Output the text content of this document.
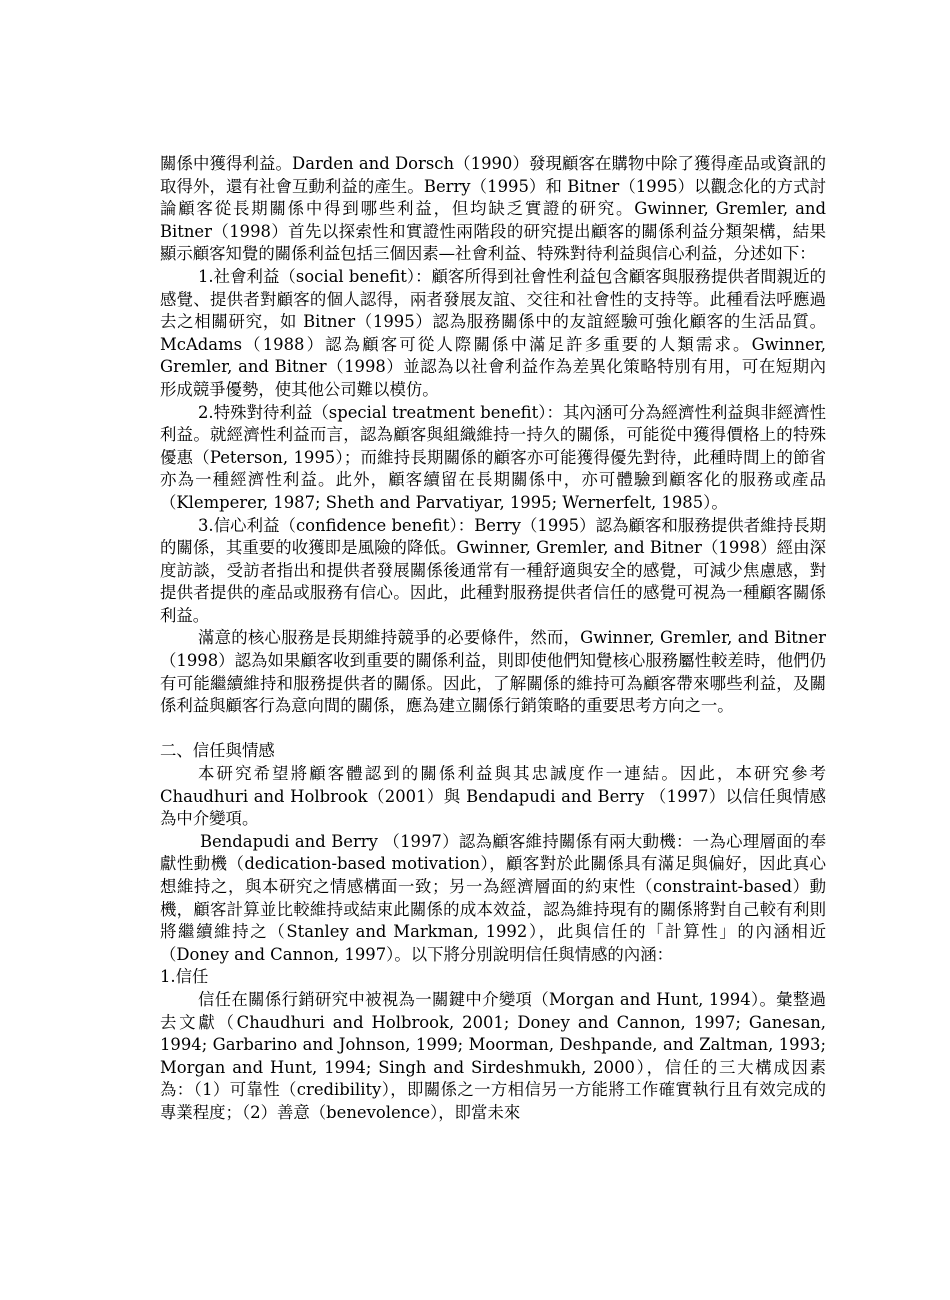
關係中獲得利益。Darden and Dorsch（1990）發現顧客在購物中除了獲得產品或資訊的取得外，還有社會互動利益的產生。Berry（1995）和 Bitner（1995）以觀念化的方式討論顧客從長期關係中得到哪些利益，但均缺乏實證的研究。Gwinner, Gremler, and Bitner（1998）首先以探索性和實證性兩階段的研究提出顧客的關係利益分類架構，結果顯示顧客知覺的關係利益包括三個因素—社會利益、特殊對待利益與信心利益，分述如下：

1.社會利益（social benefit）：顧客所得到社會性利益包含顧客與服務提供者間親近的感覺、提供者對顧客的個人認得，兩者發展友誼、交往和社會性的支持等。此種看法呼應過去之相關研究，如 Bitner（1995）認為服務關係中的友誼經驗可強化顧客的生活品質。McAdams（1988）認為顧客可從人際關係中滿足許多重要的人類需求。Gwinner, Gremler, and Bitner（1998）並認為以社會利益作為差異化策略特別有用，可在短期內形成競爭優勢，使其他公司難以模仿。

2.特殊對待利益（special treatment benefit）：其內涵可分為經濟性利益與非經濟性利益。就經濟性利益而言，認為顧客與組織維持一持久的關係，可能從中獲得價格上的特殊優惠（Peterson, 1995）；而維持長期關係的顧客亦可能獲得優先對待，此種時間上的節省亦為一種經濟性利益。此外，顧客續留在長期關係中，亦可體驗到顧客化的服務或產品（Klemperer, 1987; Sheth and Parvatiyar, 1995; Wernerfelt, 1985）。

3.信心利益（confidence benefit）：Berry（1995）認為顧客和服務提供者維持長期的關係，其重要的收獲即是風險的降低。Gwinner, Gremler, and Bitner（1998）經由深度訪談，受訪者指出和提供者發展關係後通常有一種舒適與安全的感覺，可減少焦慮感，對提供者提供的產品或服務有信心。因此，此種對服務提供者信任的感覺可視為一種顧客關係利益。

滿意的核心服務是長期維持競爭的必要條件，然而，Gwinner, Gremler, and Bitner（1998）認為如果顧客收到重要的關係利益，則即使他們知覺核心服務屬性較差時，他們仍有可能繼續維持和服務提供者的關係。因此，了解關係的維持可為顧客帶來哪些利益，及關係利益與顧客行為意向間的關係，應為建立關係行銷策略的重要思考方向之一。

二、信任與情感

本研究希望將顧客體認到的關係利益與其忠誠度作一連結。因此，本研究參考 Chaudhuri and Holbrook（2001）與 Bendapudi and Berry （1997）以信任與情感為中介變項。

Bendapudi and Berry （1997）認為顧客維持關係有兩大動機：一為心理層面的奉獻性動機（dedication-based motivation），顧客對於此關係具有滿足與偏好，因此真心想維持之，與本研究之情感構面一致；另一為經濟層面的約束性（constraint-based）動機，顧客計算並比較維持或結束此關係的成本效益，認為維持現有的關係將對自己較有利則將繼續維持之（Stanley and Markman, 1992），此與信任的「計算性」的內涵相近（Doney and Cannon, 1997）。以下將分別說明信任與情感的內涵：

1.信任

信任在關係行銷研究中被視為一關鍵中介變項（Morgan and Hunt, 1994）。彙整過去文獻（Chaudhuri and Holbrook, 2001; Doney and Cannon, 1997; Ganesan, 1994; Garbarino and Johnson, 1999; Moorman, Deshpande, and Zaltman, 1993; Morgan and Hunt, 1994; Singh and Sirdeshmukh, 2000），信任的三大構成因素為：（1）可靠性（credibility），即關係之一方相信另一方能將工作確實執行且有效完成的專業程度；（2）善意（benevolence），即當未來
